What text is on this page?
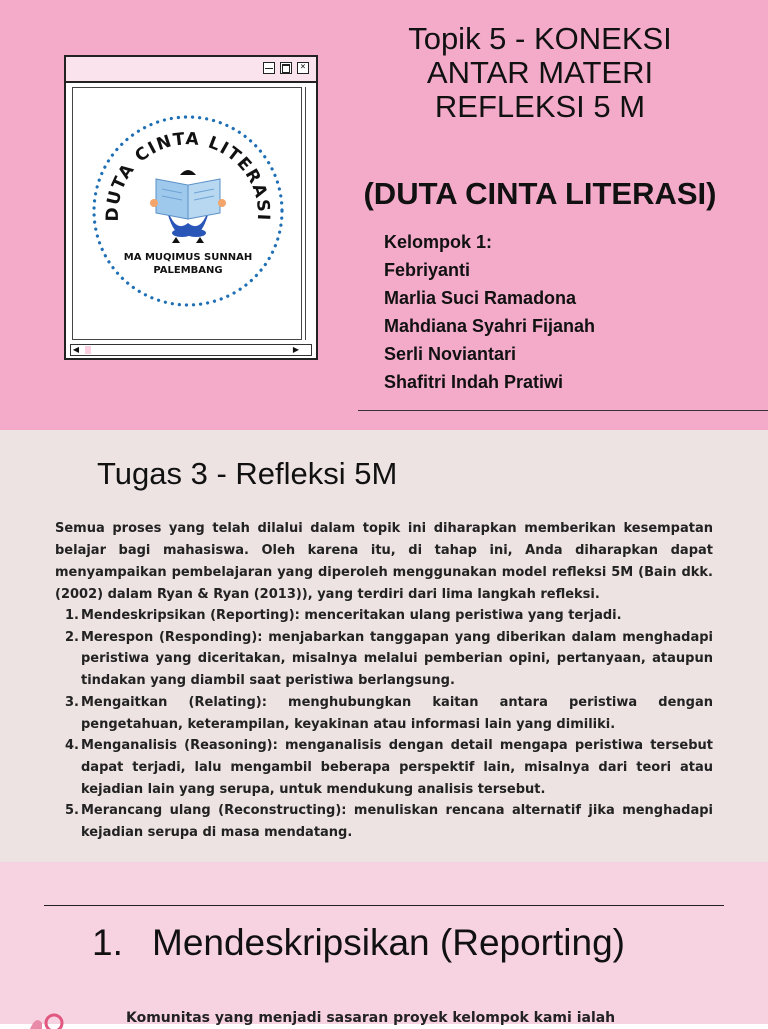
×
◀	▶
DUTA CINTA LITERASI
MA MUQIMUS SUNNAH
PALEMBANG
Topik 5 - KONEKSI
ANTAR MATERI
REFLEKSI 5 M
(DUTA CINTA LITERASI)
Kelompok 1:
Febriyanti
Marlia Suci Ramadona
Mahdiana Syahri Fijanah
Serli Noviantari
Shafitri Indah Pratiwi
Tugas 3 - Refleksi 5M

Semua proses yang telah dilalui dalam topik ini diharapkan memberikan kesempatan belajar bagi mahasiswa. Oleh karena itu, di tahap ini, Anda diharapkan dapat menyampaikan pembelajaran yang diperoleh menggunakan model refleksi 5M (Bain dkk. (2002) dalam Ryan & Ryan (2013)), yang terdiri dari lima langkah refleksi.

1. Mendeskripsikan (Reporting): menceritakan ulang peristiwa yang terjadi.
2. Merespon (Responding): menjabarkan tanggapan yang diberikan dalam menghadapi peristiwa yang diceritakan, misalnya melalui pemberian opini, pertanyaan, ataupun tindakan yang diambil saat peristiwa berlangsung.
3. Mengaitkan (Relating): menghubungkan kaitan antara peristiwa dengan pengetahuan, keterampilan, keyakinan atau informasi lain yang dimiliki.
4. Menganalisis (Reasoning): menganalisis dengan detail mengapa peristiwa tersebut dapat terjadi, lalu mengambil beberapa perspektif lain, misalnya dari teori atau kejadian lain yang serupa, untuk mendukung analisis tersebut.
5. Merancang ulang (Reconstructing): menuliskan rencana alternatif jika menghadapi kejadian serupa di masa mendatang.
1. Mendeskripsikan (Reporting)

Komunitas yang menjadi sasaran proyek kelompok kami ialah
